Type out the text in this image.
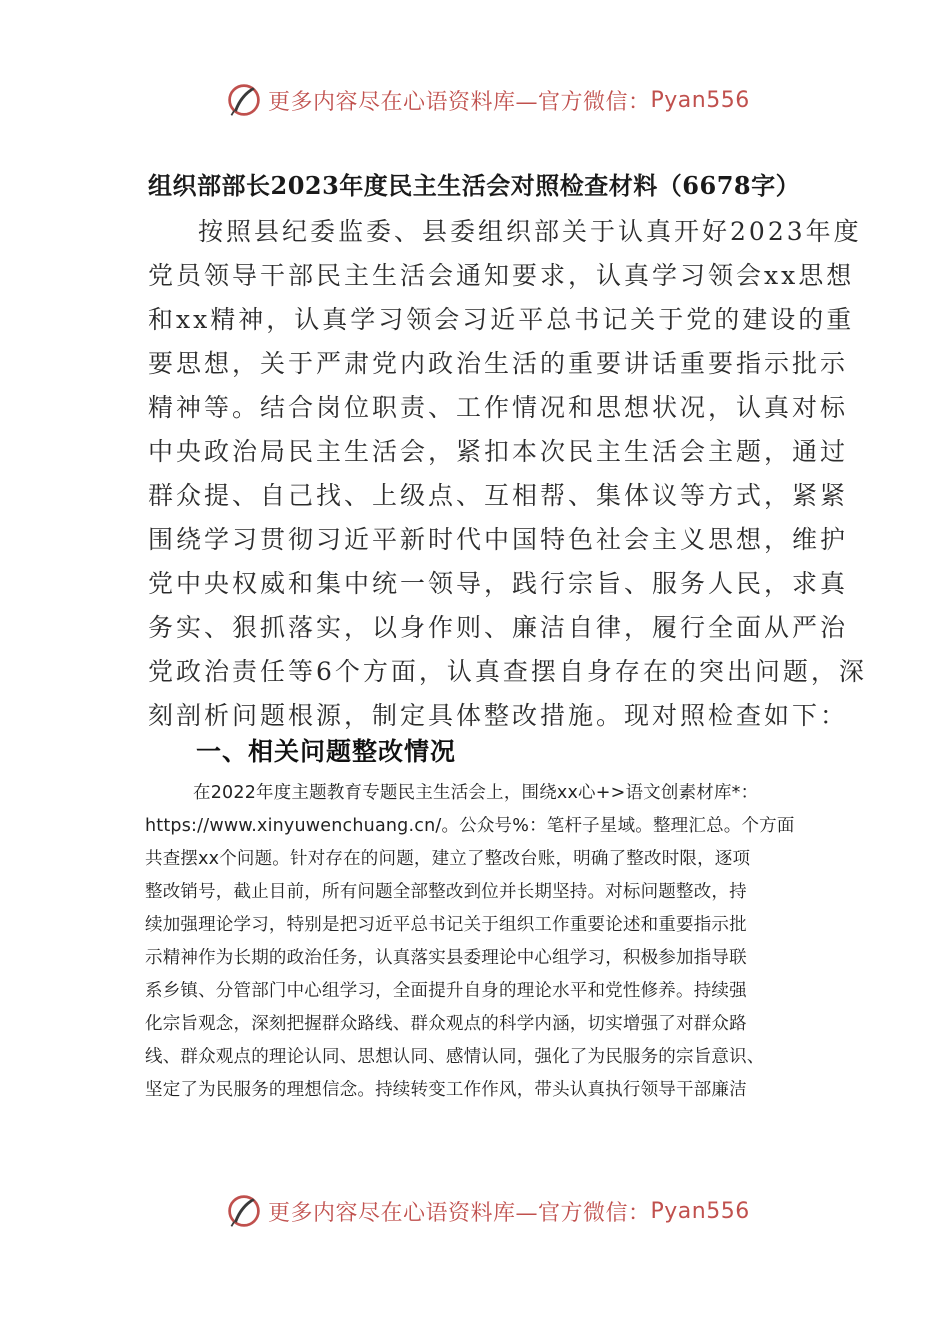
更多内容尽在心语资料库—官方微信： Pyan556
组织部部长2023年度民主生活会对照检查材料（6678字）
按照县纪委监委、县委组织部关于认真开好2023年度
党员领导干部民主生活会通知要求，认真学习领会xx思想
和xx精神，认真学习领会习近平总书记关于党的建设的重
要思想，关于严肃党内政治生活的重要讲话重要指示批示
精神等。结合岗位职责、工作情况和思想状况，认真对标
中央政治局民主生活会，紧扣本次民主生活会主题，通过
群众提、自己找、上级点、互相帮、集体议等方式，紧紧
围绕学习贯彻习近平新时代中国特色社会主义思想，维护
党中央权威和集中统一领导，践行宗旨、服务人民，求真
务实、狠抓落实，以身作则、廉洁自律，履行全面从严治
党政治责任等6个方面，认真查摆自身存在的突出问题，深
刻剖析问题根源，制定具体整改措施。现对照检查如下：
一、相关问题整改情况
在2022年度主题教育专题民主生活会上，围绕xx心+>语文创素材库*：
https://www.xinyuwenchuang.cn/。公众号%：笔杆子星域。整理汇总。个方面
共查摆xx个问题。针对存在的问题，建立了整改台账，明确了整改时限，逐项
整改销号，截止目前，所有问题全部整改到位并长期坚持。对标问题整改，持
续加强理论学习，特别是把习近平总书记关于组织工作重要论述和重要指示批
示精神作为长期的政治任务，认真落实县委理论中心组学习，积极参加指导联
系乡镇、分管部门中心组学习，全面提升自身的理论水平和党性修养。持续强
化宗旨观念，深刻把握群众路线、群众观点的科学内涵，切实增强了对群众路
线、群众观点的理论认同、思想认同、感情认同，强化了为民服务的宗旨意识、
坚定了为民服务的理想信念。持续转变工作作风，带头认真执行领导干部廉洁
更多内容尽在心语资料库—官方微信： Pyan556
